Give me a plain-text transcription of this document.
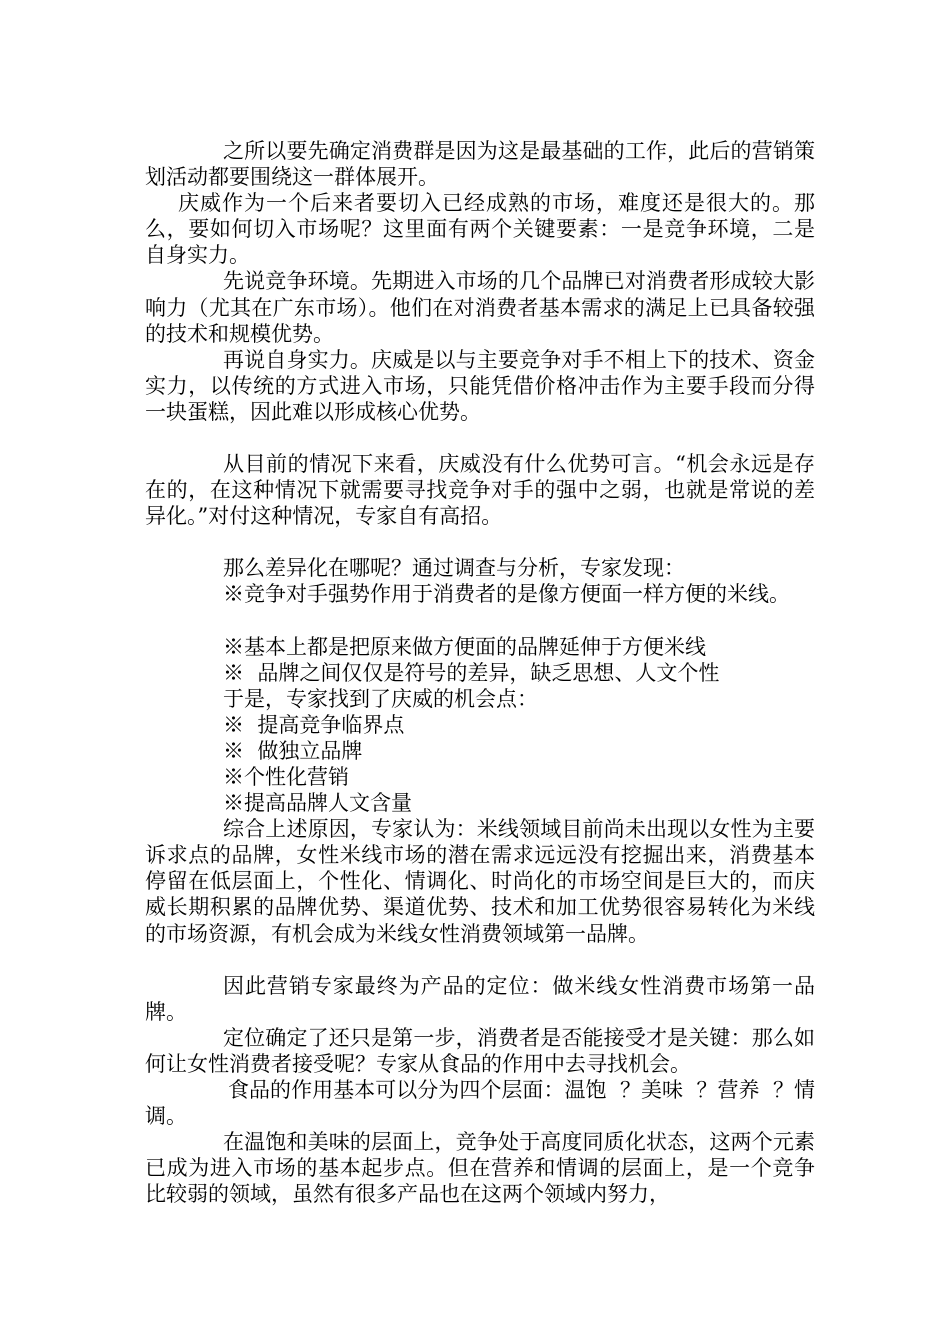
之所以要先确定消费群是因为这是最基础的工作，此后的营销策划活动都要围绕这一群体展开。

庆威作为一个后来者要切入已经成熟的市场，难度还是很大的。那么，要如何切入市场呢？这里面有两个关键要素：一是竞争环境，二是自身实力。

先说竞争环境。先期进入市场的几个品牌已对消费者形成较大影响力（尤其在广东市场）。他们在对消费者基本需求的满足上已具备较强的技术和规模优势。

再说自身实力。庆威是以与主要竞争对手不相上下的技术、资金实力，以传统的方式进入市场，只能凭借价格冲击作为主要手段而分得一块蛋糕，因此难以形成核心优势。

从目前的情况下来看，庆威没有什么优势可言。“机会永远是存在的，在这种情况下就需要寻找竞争对手的强中之弱，也就是常说的差异化。”对付这种情况，专家自有高招。

那么差异化在哪呢？通过调查与分析，专家发现：

※竞争对手强势作用于消费者的是像方便面一样方便的米线。

※基本上都是把原来做方便面的品牌延伸于方便米线

※  品牌之间仅仅是符号的差异，缺乏思想、人文个性

于是，专家找到了庆威的机会点：

※  提高竞争临界点

※  做独立品牌

※个性化营销

※提高品牌人文含量

综合上述原因，专家认为：米线领域目前尚未出现以女性为主要诉求点的品牌，女性米线市场的潜在需求远远没有挖掘出来，消费基本停留在低层面上，个性化、情调化、时尚化的市场空间是巨大的，而庆威长期积累的品牌优势、渠道优势、技术和加工优势很容易转化为米线的市场资源，有机会成为米线女性消费领域第一品牌。

因此营销专家最终为产品的定位：做米线女性消费市场第一品牌。

定位确定了还只是第一步，消费者是否能接受才是关键：那么如何让女性消费者接受呢？专家从食品的作用中去寻找机会。

食品的作用基本可以分为四个层面：温饱  ？美味  ？营养  ？情调。

在温饱和美味的层面上，竞争处于高度同质化状态，这两个元素已成为进入市场的基本起步点。但在营养和情调的层面上，是一个竞争比较弱的领域，虽然有很多产品也在这两个领域内努力，
